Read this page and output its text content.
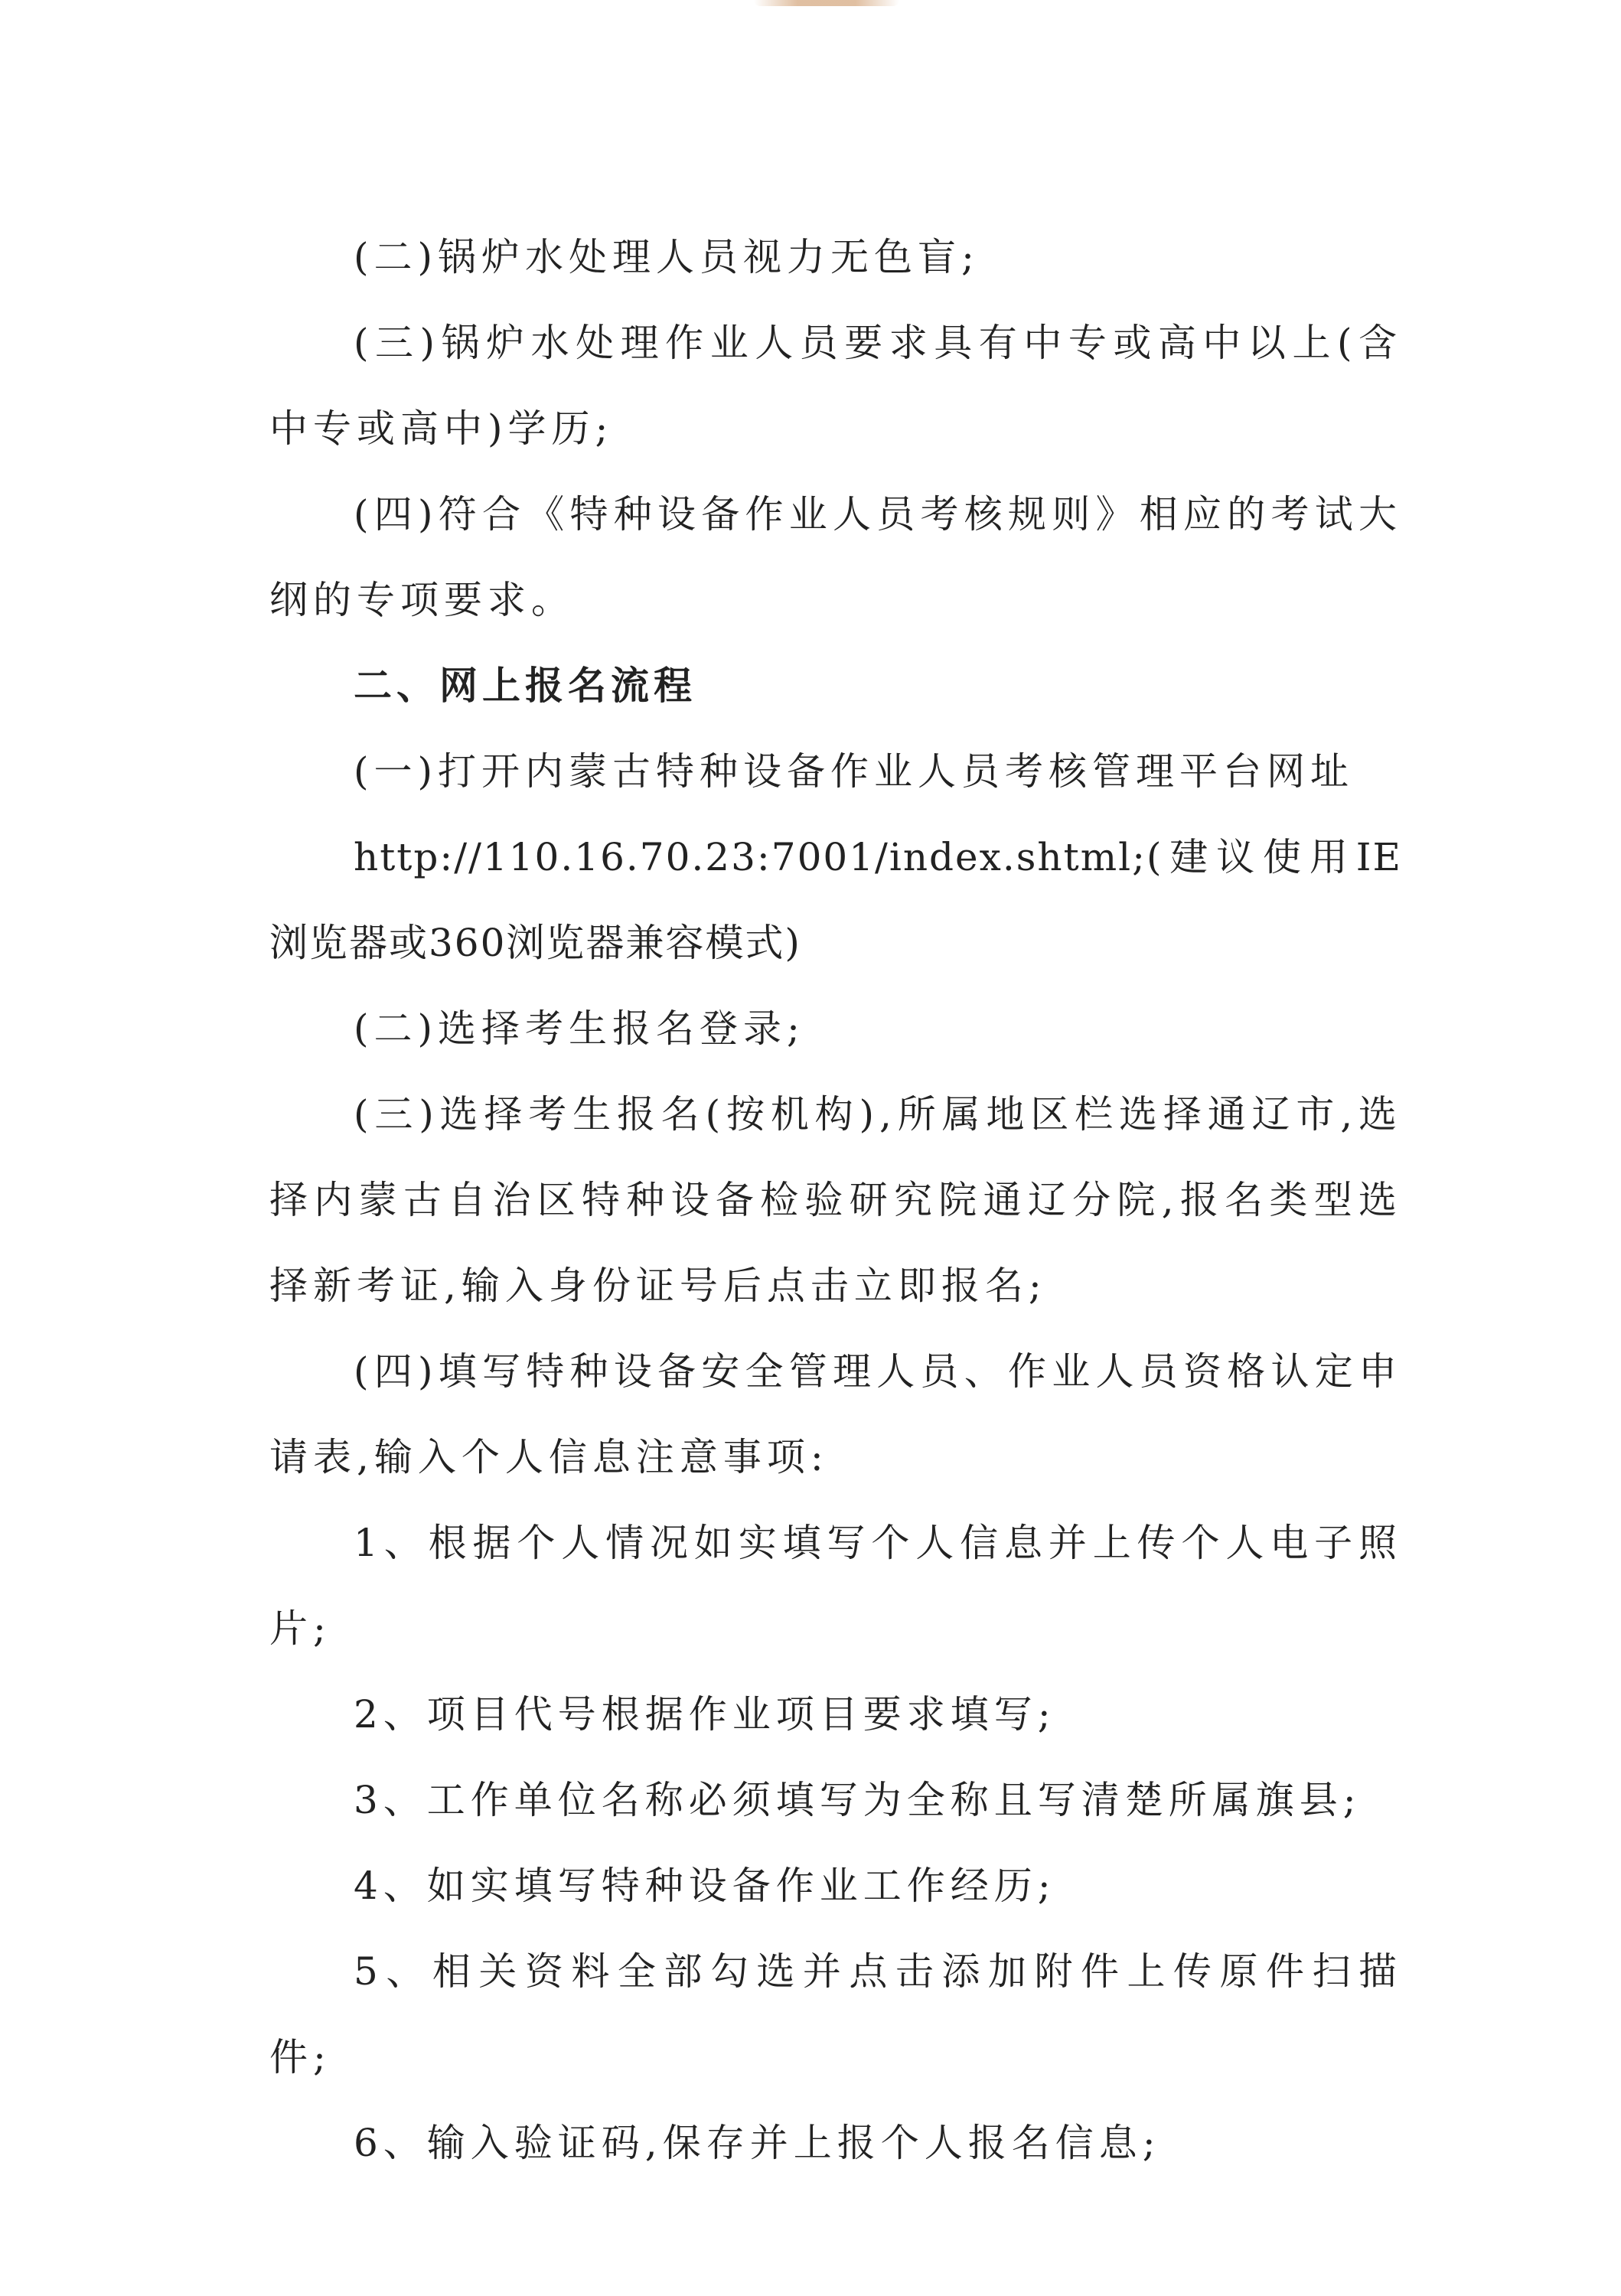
(二)锅炉水处理人员视力无色盲;

(三)锅炉水处理作业人员要求具有中专或高中以上(含中专或高中)学历;

(四)符合《特种设备作业人员考核规则》相应的考试大纲的专项要求。

二、网上报名流程

(一)打开内蒙古特种设备作业人员考核管理平台网址

http://110.16.70.23:7001/index.shtml;(建议使用IE浏览器或360浏览器兼容模式)

(二)选择考生报名登录;

(三)选择考生报名(按机构),所属地区栏选择通辽市,选择内蒙古自治区特种设备检验研究院通辽分院,报名类型选择新考证,输入身份证号后点击立即报名;

(四)填写特种设备安全管理人员、作业人员资格认定申请表,输入个人信息注意事项:

1、根据个人情况如实填写个人信息并上传个人电子照片;

2、项目代号根据作业项目要求填写;

3、工作单位名称必须填写为全称且写清楚所属旗县;

4、如实填写特种设备作业工作经历;

5、相关资料全部勾选并点击添加附件上传原件扫描件;

6、输入验证码,保存并上报个人报名信息;
